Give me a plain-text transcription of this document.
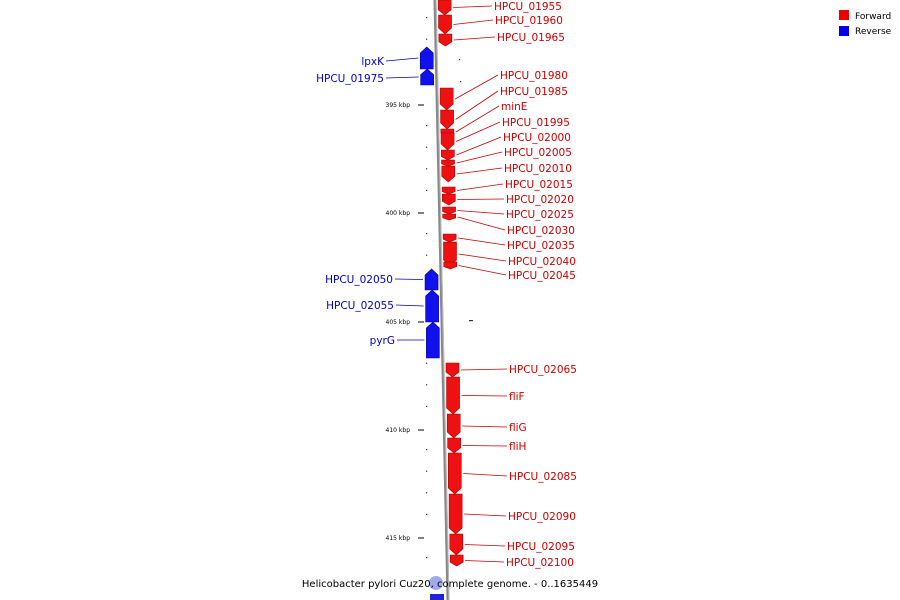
395 kbp
400 kbp
405 kbp
410 kbp
415 kbp
HPCU_01955
HPCU_01960
HPCU_01965
lpxK
HPCU_01975	HPCU_01980
HPCU_01985
minE
HPCU_01995
HPCU_02000
HPCU_02005
HPCU_02010
HPCU_02015
HPCU_02020
HPCU_02025
HPCU_02030
HPCU_02035
HPCU_02040
HPCU_02045
HPCU_02050
HPCU_02055
pyrG
HPCU_02065
fliF
fliG
fliH
HPCU_02085
HPCU_02090
HPCU_02095
HPCU_02100
Forward
Reverse
Helicobacter pylori Cuz20, complete genome. - 0..1635449
